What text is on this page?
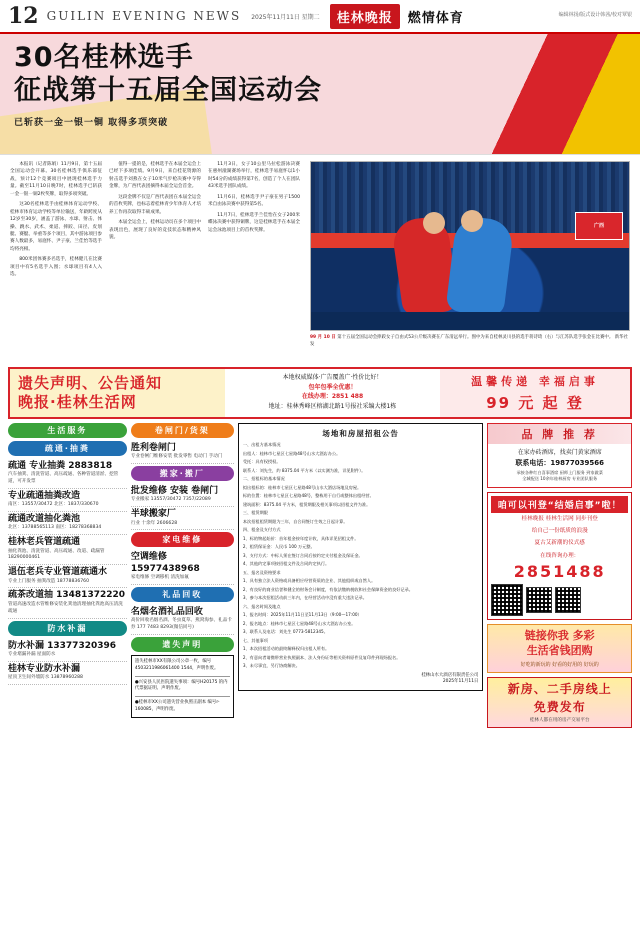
12 GUILIN EVENING NEWS 2025年11月11日 星期二	桂林晚报	燃情体育	编辑林扬/版式设计韩茜/校对覃银
30名桂林选手
征战第十五届全国运动会
已斩获一金一银一铜 取得多项突破

本报讯（记者陈娟）11月9日，第十五届全国运动会开幕。30名桂林选手俱乐部征战，预计12个竞赛项目中展现桂林选手力量。截至11月10日晚7时，桂林选手已斩获一金一银一铜2枚奖牌，取得多项突破。

这30名桂林选手由桂林体育运动学校、桂林市体育运动学校等单位输送，年龄跨度从12岁至30岁，涵盖了游泳、水球、射击、体操、跳水、武术、柔道、摔跤、田径、皮划艇、赛艇、举重等多个项目，其中游泳项目参赛人数最多，易庭怀、尹子豪、兰佳怡等选手均将亮相。

800米团体赛多名选手，桂林健儿在比赛项目中有5名选手入围；水球项目有4人入选。

值得一提的是，桂林选手在本届全运会上已经下多项佳绩。9月9日，来自桂花资源的射击选手刘燕在女子10米气步枪决赛中夺得金牌，为广西代表团摘得本届全运会首金。

这段金牌不仅是广西代表团在本届全运会的首枚奖牌，也标志着桂林青少年体育人才培养工作再次取得丰硕成果。

本届全运会上，桂林运动员在多个项目中表现出色，展现了良好的竞技状态和精神风貌。

11月3日，女子10公里马拉松游泳决赛在惠州潼湖赛场举行，桂林选手易庭怀以1小时54分的成绩获得第7名，创造了个人在团队43米选手团队成绩。

11月6日，桂林选手尹子豪在男子1500米自由泳决赛中获得第5名。

11月7日，桂林选手兰佳怡在女子200米蝶泳决赛中获得铜牌，这是桂林选手在本届全运会泳池项目上的首枚奖牌。

广西
99 月 10 日 第十五届全国运动会摔跤女子自由式53公斤级决赛在广东清远举行。图中为来自桂林灵川县的选手蒋诗琦（右）与江苏队选手张金在比赛中。 新华社发
遗失声明、公告通知
晚报·桂林生活网
本地权威媒体·广告覆盖广·性价比好！
包年包季全优惠！
在线办理：2851 488
地址：桂林秀峰区榕湖北路1号报社采编大楼1栋
温馨传递 幸福启事
99 元 起 登
生活服务
疏通·抽粪
疏通 专业抽粪 2883818
汽车抽粪、清洗管道、高压疏通、各种管道清淤、挖管道，可开发票
专业疏通抽粪改造
南区：13557/30472 北区：1837/330670
疏通改道抽化粪池
北区：13788565113 南区：18278368834
桂林老兵管道疏通
抽化粪池、清洗管道、高压疏通、改道、疏漏管 18290000461
退伍老兵专业管道疏通水
专业上门服务 抽粪改造 18778836760
疏茶改道抽 13481372220
管道高速改造水管维修安装化粪池清理抽化粪池高压清洗疏通
防水补漏
防水补漏 13377320396
专业堵漏补漏 屋面防水
桂林专业防水补漏
屋顶卫生间外墙防水 13878960288
卷闸门/货架
胜利卷闸门
专业卷闸门维修安装 批发零售 电动门 手动门
搬家·搬厂
批发维修 安装 卷闸门
专业搬家 13557/30472 7357/22089
半球搬家厂
行业 十余年 2606628
家电维修
空调维修 15977438968
家电维修 空调移机 清洗加氟
礼品回收
名烟名酒礼品回收
高价回收名烟名酒、冬虫夏草、燕窝海参、礼品卡券 177 7483 8293(微信同号)
遗失声明
遗失桂林市XX有限公司公章一枚，编号 4503211986061400 1544，声明作废。
●兴安县人民医院遗失事项：编号H20175 的内代票据证明、声明作废。
●桂林市XX公司遗失营业执照正副本 编号r-160085，声明作废。
场地和房屋招租公告

一、出租方基本情况

出租人：桂林市七星区七星路48号山水大酒店办公。

受托：具有权授权。

联系人：刘先生，约 8375.04 平方米（以实测为准，详见附件）。

二、招租标的基本情况

拟出租标的：桂林市七星区七星路48号山水大酒店场地及房屋。

标的位置：桂林市七星区七星路48号，整栋用于自行或整体出租经营。

建筑面积：8375.04 平方米，租赁期限及相关事项以招租文件为准。

三、租赁期限

本次招租租赁期限为三年，自合同签订生效之日起计算。

四、租金及支付方式

1、标的物起始价：首年租金按年度计收，具体详见招租文件。

2、租赁保证金：人民币 100 万元整。

3、支付方式：中标人须在签订合同后按约定支付租金及保证金。

4、其他约定事项按招租文件及合同约定执行。

五、报名及资格要求

1、具有独立法人资格或具备相应经营资质的企业、其他组织或自然人。

2、有良好的商业信誉和健全的财务会计制度，有依法缴纳税收和社会保障资金的良好记录。

3、参与本次招租活动前三年内，在经营活动中没有重大违法记录。

六、报名时间及地点

1、报名时间：2025年11月11日至11月13日（9:00—17:00）

2、报名地点：桂林市七星区七星路48号山水大酒店办公室。

3、联系人及电话：刘先生 0773-5812345。

七、其他事项

1、本次招租活动的最终解释权归出租人所有。

2、有意向者请携带营业执照副本、法人身份证等相关资料原件及复印件到现场报名。

3、未尽事宜，另行协商解决。

桂林山水大酒店有限责任公司
2025年11月11日
品 牌 推 荐
在家办砖酒席，找卖门黄家酒席
联系电话：19877039566
承接各种红白喜事酒席 厨师上门服务 到家做菜
全城配送 10余年桂林厨房 专业团队服务
咱可以刊登“结婚启事”啦！
桂林晚报 桂林生活网 同步刊登
给自己一份纸质的浪漫
夏古艾新潮的仪式感
在线咨询办理：
2851488
链接你我 多彩
生活省钱团购
好吃的新玩的 好看的好用的 好玩的
新房、二手房线上
免费发布
桂林人都在用的房产交易平台
